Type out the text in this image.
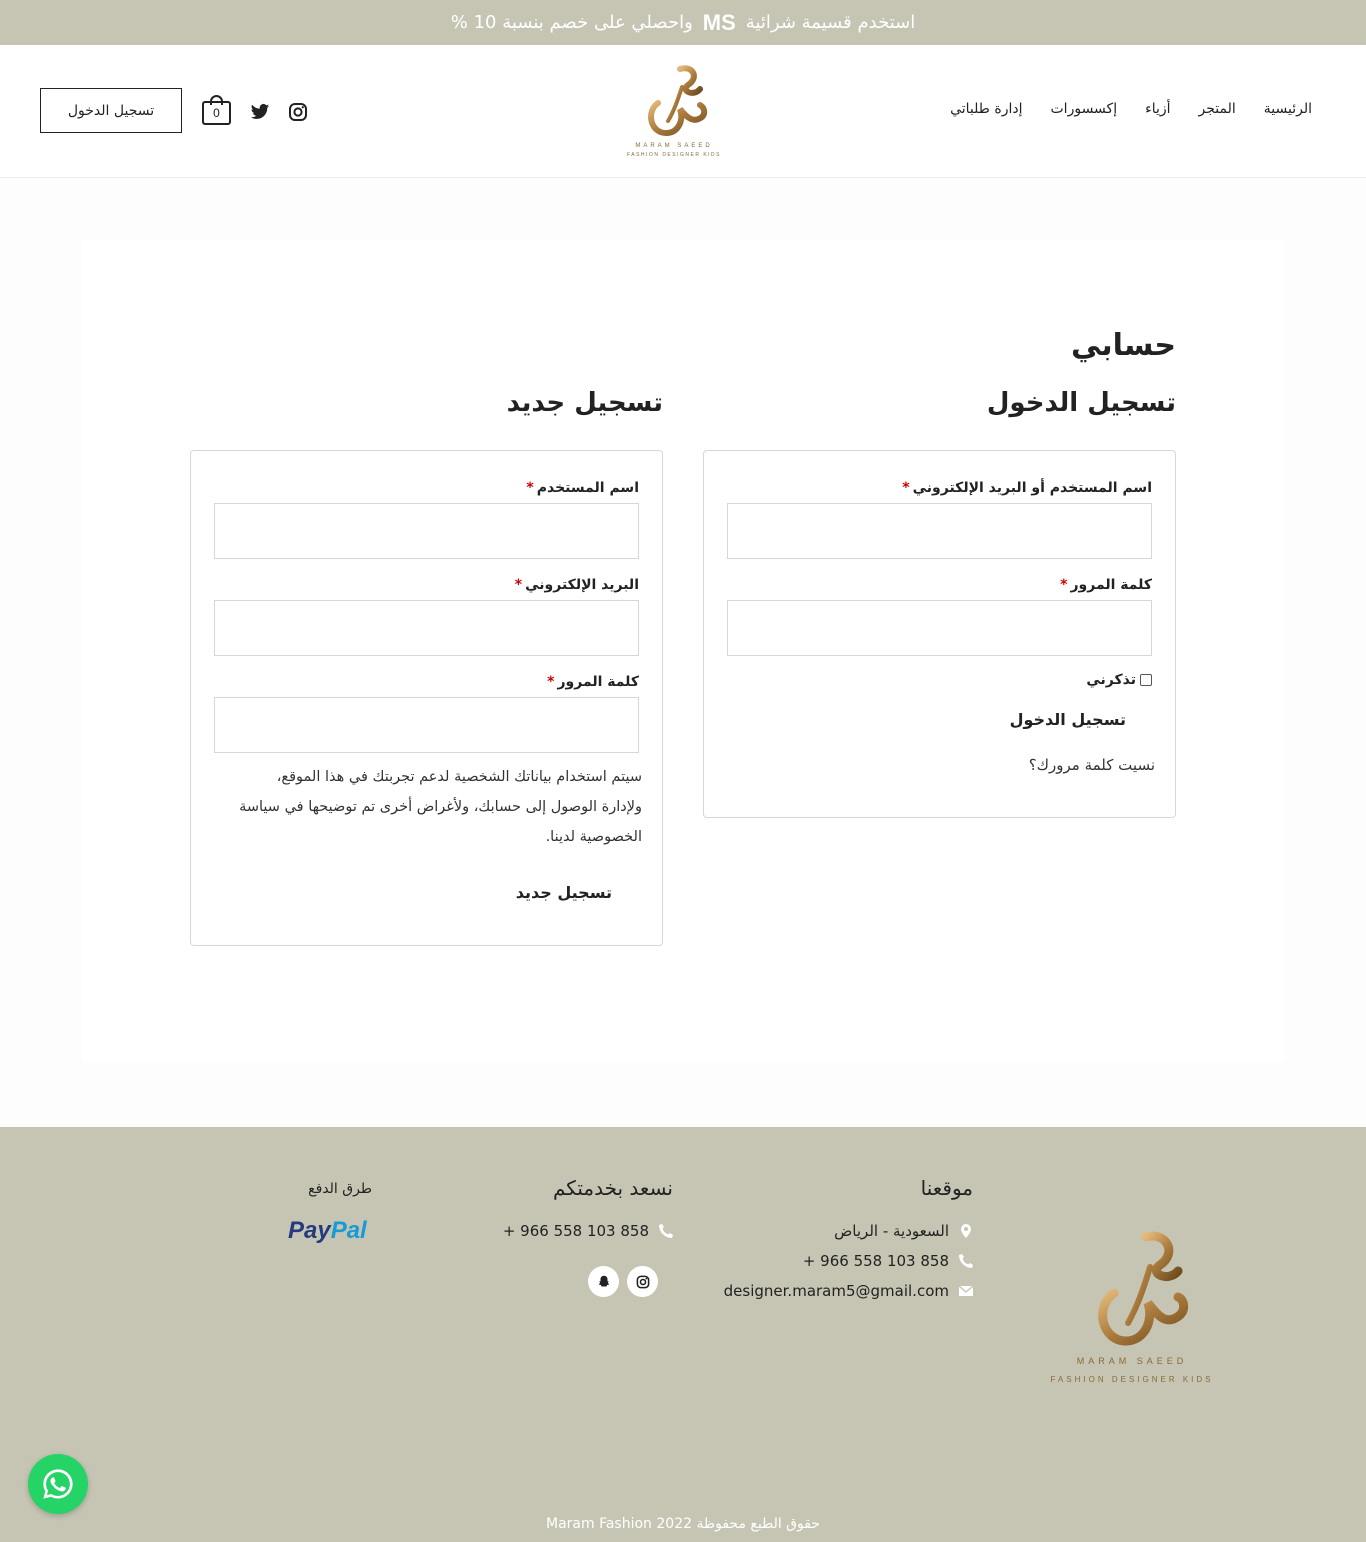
استخدم قسيمة شرائية
MS
واحصلي على خصم بنسبة 10 %
الرئيسية
المتجر
أزياء
إكسسورات
إدارة طلباتي
MARAM SAEED
FASHION DESIGNER KIDS
0
تسجيل الدخول
حسابي
تسجيل الدخول
تسجيل جديد
اسم المستخدم أو البريد الإلكتروني*
كلمة المرور*
تذكرني
تسجيل الدخول
نسيت كلمة مرورك؟
اسم المستخدم*
البريد الإلكتروني*
كلمة المرور*
سيتم استخدام بياناتك الشخصية لدعم تجربتك في هذا الموقع،
ولإدارة الوصول إلى حسابك، ولأغراض أخرى تم توضيحها في سياسة
الخصوصية لدينا.
تسجيل جديد
MARAM SAEED
FASHION DESIGNER KIDS
موقعنا
السعودية - الرياض
+ 966 558 103 858
designer.maram5@gmail.com
نسعد بخدمتكم
+ 966 558 103 858
طرق الدفع
PayPal
حقوق الطبع محفوظة 2022 Maram Fashion
